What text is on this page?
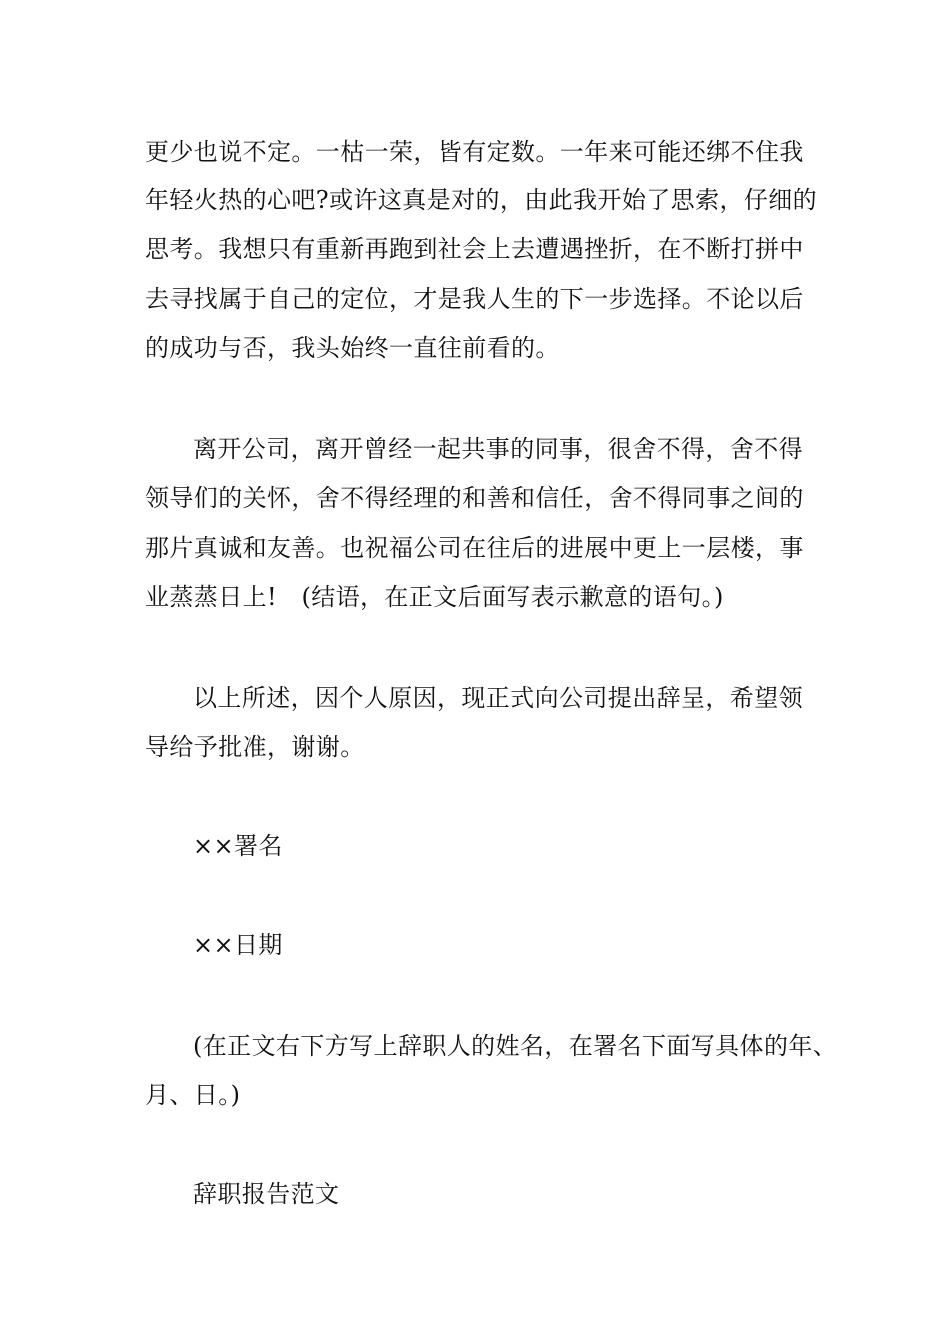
更少也说不定。一枯一荣，皆有定数。一年来可能还绑不住我
年轻火热的心吧?或许这真是对的，由此我开始了思索，仔细的
思考。我想只有重新再跑到社会上去遭遇挫折，在不断打拼中
去寻找属于自己的定位，才是我人生的下一步选择。不论以后
的成功与否，我头始终一直往前看的。
离开公司，离开曾经一起共事的同事，很舍不得，舍不得
领导们的关怀，舍不得经理的和善和信任，舍不得同事之间的
那片真诚和友善。也祝福公司在往后的进展中更上一层楼，事
业蒸蒸日上!　(结语，在正文后面写表示歉意的语句。)
以上所述，因个人原因，现正式向公司提出辞呈，希望领
导给予批准，谢谢。
××署名
××日期
(在正文右下方写上辞职人的姓名，在署名下面写具体的年、
月、日。)
辞职报告范文
